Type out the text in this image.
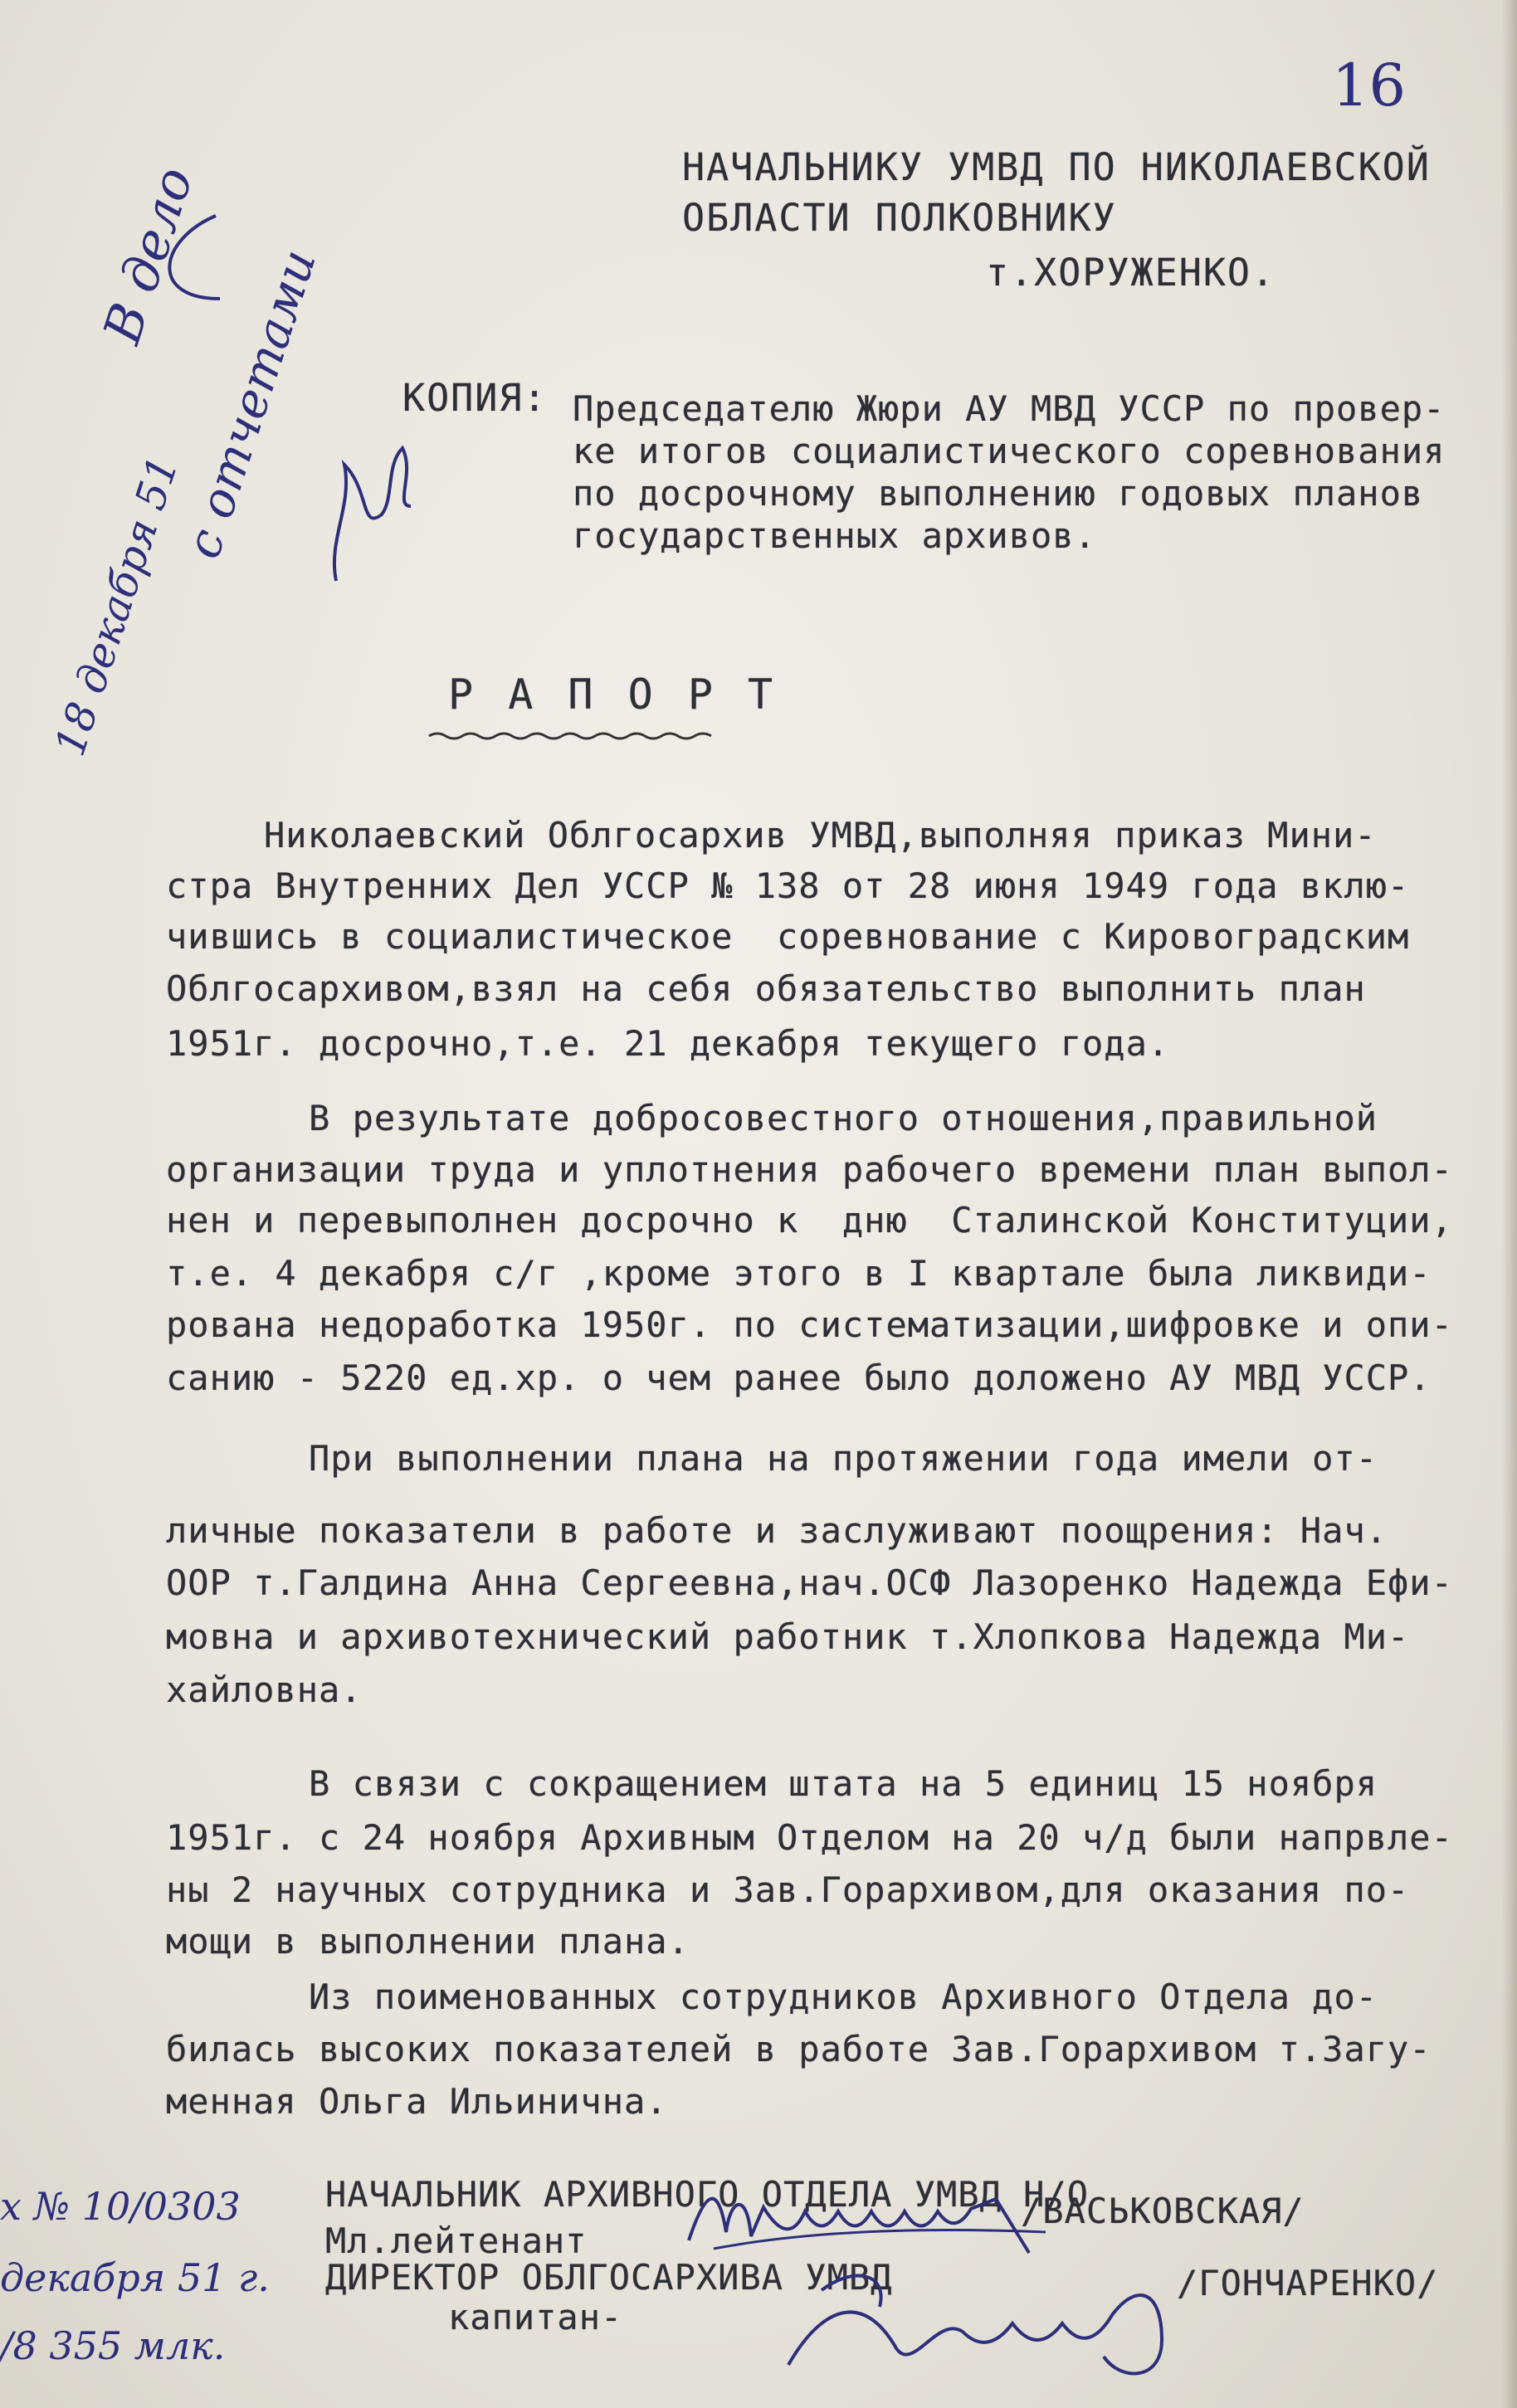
16
НАЧАЛЬНИКУ УМВД ПО НИКОЛАЕВСКОЙ
ОБЛАСТИ ПОЛКОВНИКУ
т.ХОРУЖЕНКО.
КОПИЯ: Председателю Жюри АУ МВД УССР по провер-
ке итогов социалистического соревнования
по досрочному выполнению годовых планов
государственных архивов.
Р А П О Р Т
Николаевский Облгосархив УМВД,выполняя приказ Мини-
стра Внутренних Дел УССР № 138 от 28 июня 1949 года вклю-
чившись в социалистическое  соревнование с Кировоградским
Облгосархивом,взял на себя обязательство выполнить план
1951г. досрочно,т.е. 21 декабря текущего года.
В результате добросовестного отношения,правильной
организации труда и уплотнения рабочего времени план выпол-
нен и перевыполнен досрочно к  дню  Сталинской Конституции,
т.е. 4 декабря с/г ,кроме этого в I квартале была ликвиди-
рована недоработка 1950г. по систематизации,шифровке и опи-
санию - 5220 ед.хр. о чем ранее было доложено АУ МВД УССР.
При выполнении плана на протяжении года имели от-
личные показатели в работе и заслуживают поощрения: Нач.
ООР т.Галдина Анна Сергеевна,нач.ОСФ Лазоренко Надежда Ефи-
мовна и архивотехнический работник т.Хлопкова Надежда Ми-
хайловна.
В связи с сокращением штата на 5 единиц 15 ноября
1951г. с 24 ноября Архивным Отделом на 20 ч/д были напрвле-
ны 2 научных сотрудника и Зав.Горархивом,для оказания по-
мощи в выполнении плана.
Из поименованных сотрудников Архивного Отдела до-
билась высоких показателей в работе Зав.Горархивом т.Загу-
менная Ольга Ильинична.
НАЧАЛЬНИК АРХИВНОГО ОТДЕЛА УМВД Н/О
Мл.лейтенант
/ВАСЬКОВСКАЯ/
ДИРЕКТОР ОБЛГОСАРХИВА УМВД	/ГОНЧАРЕНКО/
капитан-
В дело
с отчетами
18 декабря 51
х № 10/0303
декабря 51 г.
/8 355 млк.
